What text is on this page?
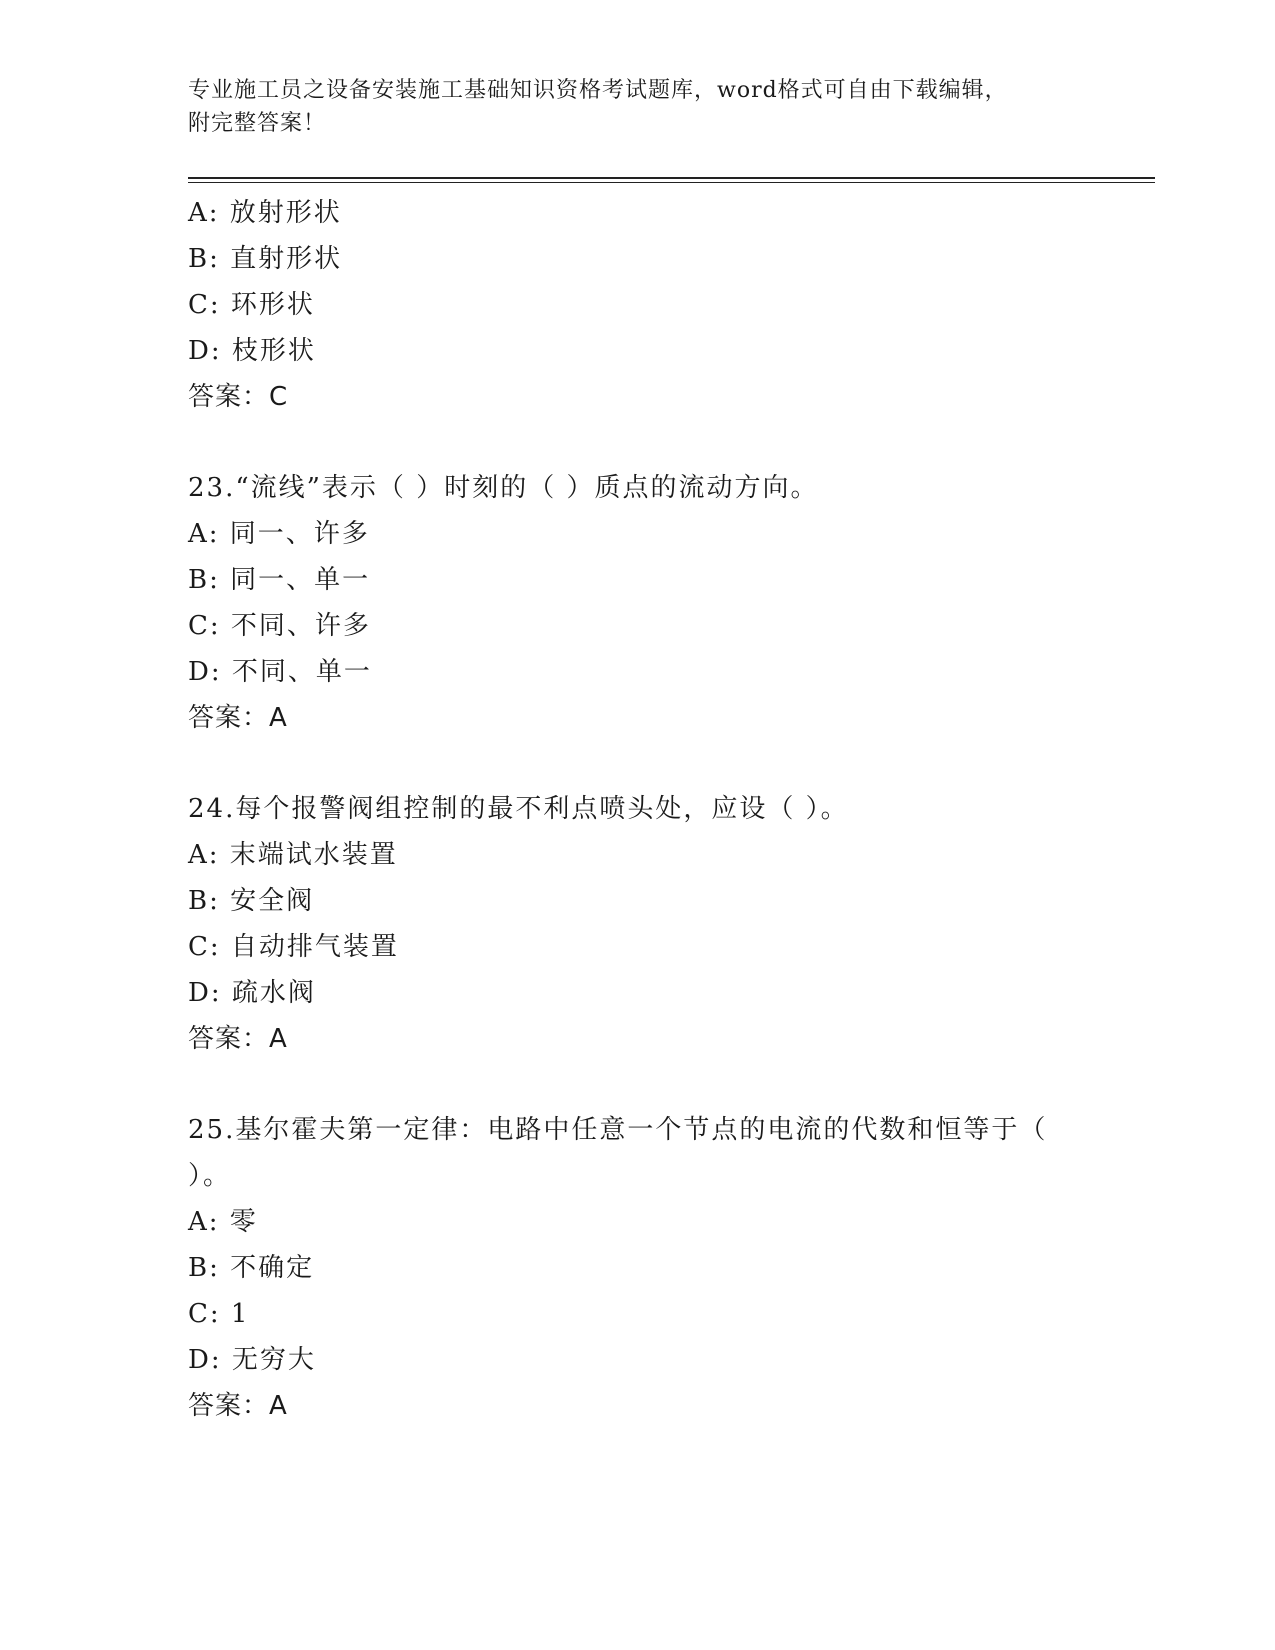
专业施工员之设备安装施工基础知识资格考试题库，word格式可自由下载编辑，
附完整答案！
A: 放射形状
B: 直射形状
C: 环形状
D: 枝形状
答案：C
23.“流线”表示（ ）时刻的（ ）质点的流动方向。
A: 同一、许多
B: 同一、单一
C: 不同、许多
D: 不同、单一
答案：A
24.每个报警阀组控制的最不利点喷头处，应设（ ）。
A: 末端试水装置
B: 安全阀
C: 自动排气装置
D: 疏水阀
答案：A
25.基尔霍夫第一定律：电路中任意一个节点的电流的代数和恒等于（
）。
A: 零
B: 不确定
C: 1
D: 无穷大
答案：A
